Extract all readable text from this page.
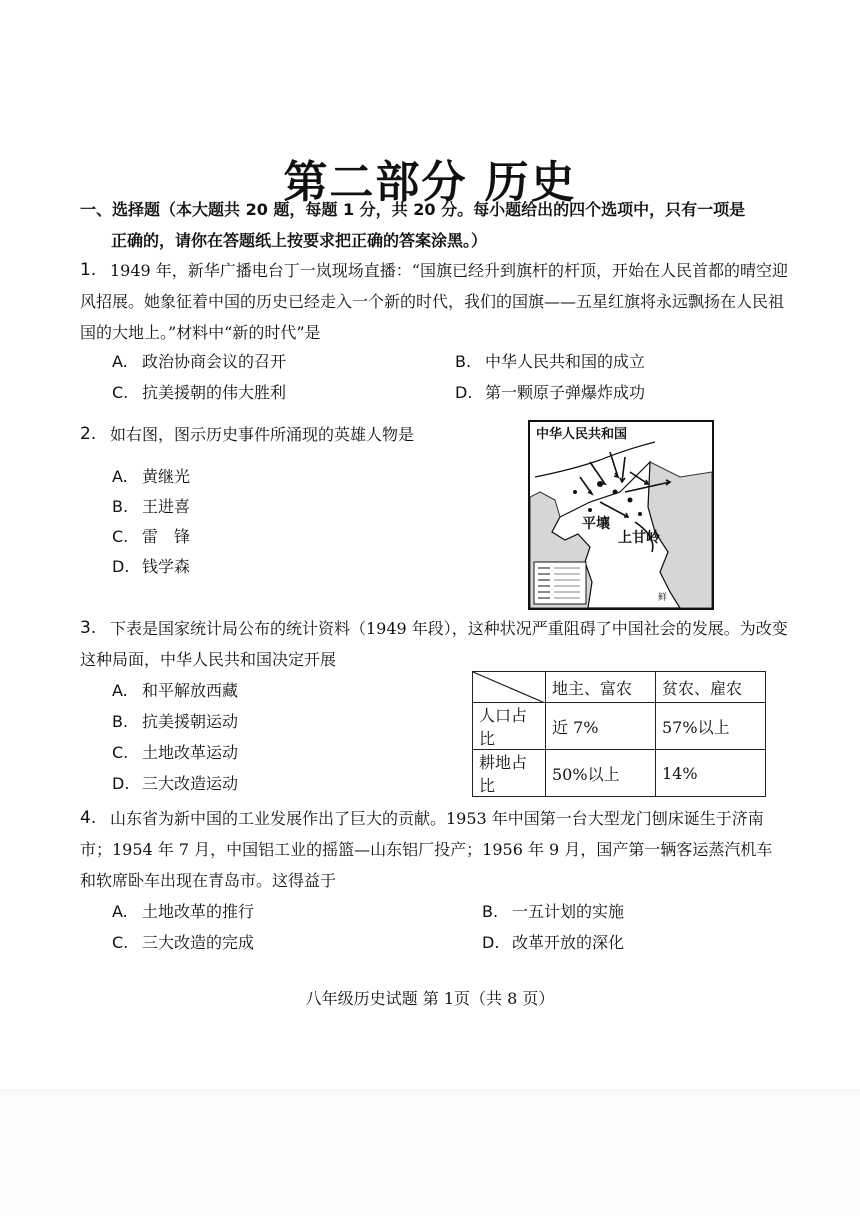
第二部分 历史
一、选择题（本大题共 20 题，每题 1 分，共 20 分。每小题给出的四个选项中，只有一项是
正确的，请你在答题纸上按要求把正确的答案涂黑。）
1. 1949 年，新华广播电台丁一岚现场直播：“国旗已经升到旗杆的杆顶，开始在人民首都的晴空迎风招展。她象征着中国的历史已经走入一个新的时代，我们的国旗——五星红旗将永远飘扬在人民祖国的大地上。”材料中“新的时代”是
A. 政治协商会议的召开	B. 中华人民共和国的成立
C. 抗美援朝的伟大胜利	D. 第一颗原子弹爆炸成功
2. 如右图，图示历史事件所涌现的英雄人物是
A. 黄继光
B. 王进喜
C. 雷　锋
D. 钱学森
中华人民共和国
平壤
上甘岭
鲜
3. 下表是国家统计局公布的统计资料（1949 年段），这种状况严重阻碍了中国社会的发展。为改变这种局面，中华人民共和国决定开展
A. 和平解放西藏
B. 抗美援朝运动
C. 土地改革运动
D. 三大改造运动
	地主、富农	贫农、雇农
人口占比	近 7%	57%以上
耕地占比	50%以上	14%
4. 山东省为新中国的工业发展作出了巨大的贡献。1953 年中国第一台大型龙门刨床诞生于济南市；1954 年 7 月，中国铝工业的摇篮—山东铝厂投产；1956 年 9 月，国产第一辆客运蒸汽机车和软席卧车出现在青岛市。这得益于
A. 土地改革的推行	B. 一五计划的实施
C. 三大改造的完成	D. 改革开放的深化
八年级历史试题 第 1页（共 8 页）
